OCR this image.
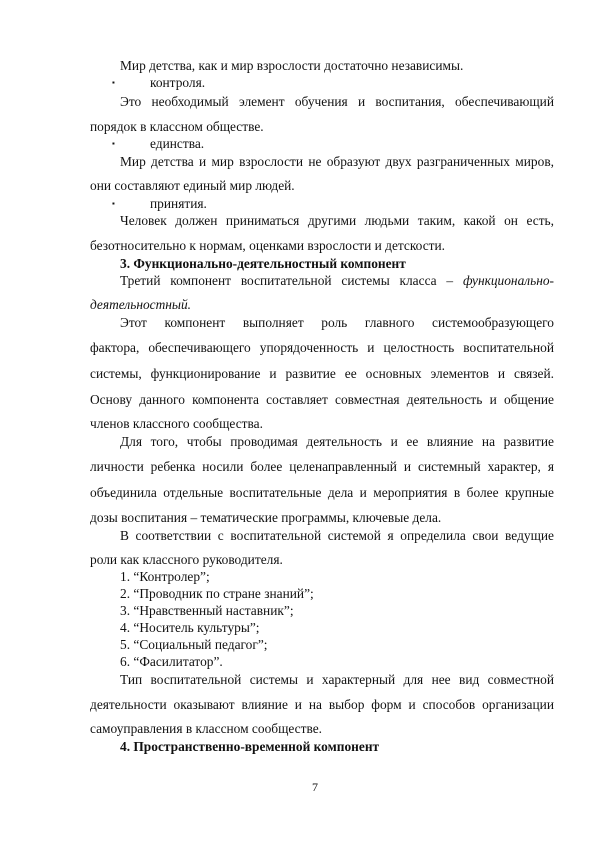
Мир детства, как и мир взрослости достаточно независимы.
▪	контроля.
Это необходимый элемент обучения и воспитания, обеспечивающий
порядок в классном обществе.
▪	единства.
Мир детства и мир взрослости не образуют двух разграниченных миров,
они составляют единый мир людей.
▪	принятия.
Человек должен приниматься другими людьми таким, какой он есть,
безотносительно к нормам, оценками взрослости и детскости.
3. Функционально-деятельностный компонент
Третий компонент воспитательной системы класса – функционально-
деятельностный.
Этот компонент выполняет роль главного системообразующего
фактора, обеспечивающего упорядоченность и целостность воспитательной
системы, функционирование и развитие ее основных элементов и связей.
Основу данного компонента составляет совместная деятельность и общение
членов классного сообщества.
Для того, чтобы проводимая деятельность и ее влияние на развитие
личности ребенка носили более целенаправленный и системный характер, я
объединила отдельные воспитательные дела и мероприятия в более крупные
дозы воспитания – тематические программы, ключевые дела.
В соответствии с воспитательной системой я определила свои ведущие
роли как классного руководителя.
1. “Контролер”;
2. “Проводник по стране знаний”;
3. “Нравственный наставник”;
4. “Носитель культуры”;
5. “Социальный педагог”;
6. “Фасилитатор”.
Тип воспитательной системы и характерный для нее вид совместной
деятельности оказывают влияние и на выбор форм и способов организации
самоуправления в классном сообществе.
4. Пространственно-временной компонент
7
